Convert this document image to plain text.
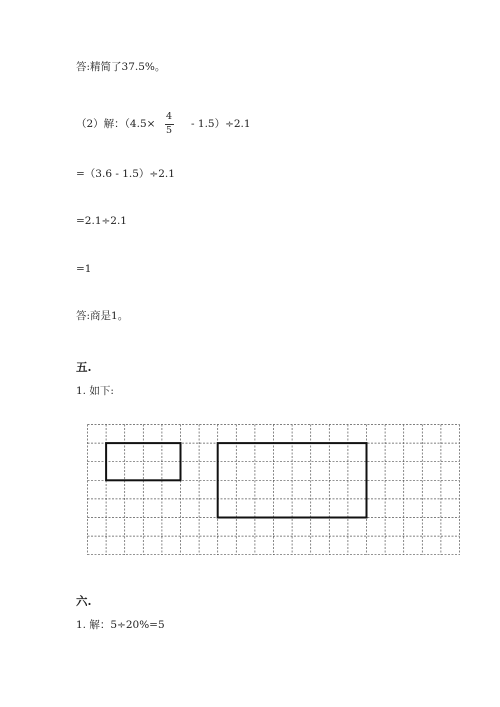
答:精简了37.5%。
（2）解：（4.5×
4
5
- 1.5）÷2.1
=（3.6 - 1.5）÷2.1
=2.1÷2.1
=1
答:商是1。
五.
1. 如下:
六.
1. 解：5÷20%=5
